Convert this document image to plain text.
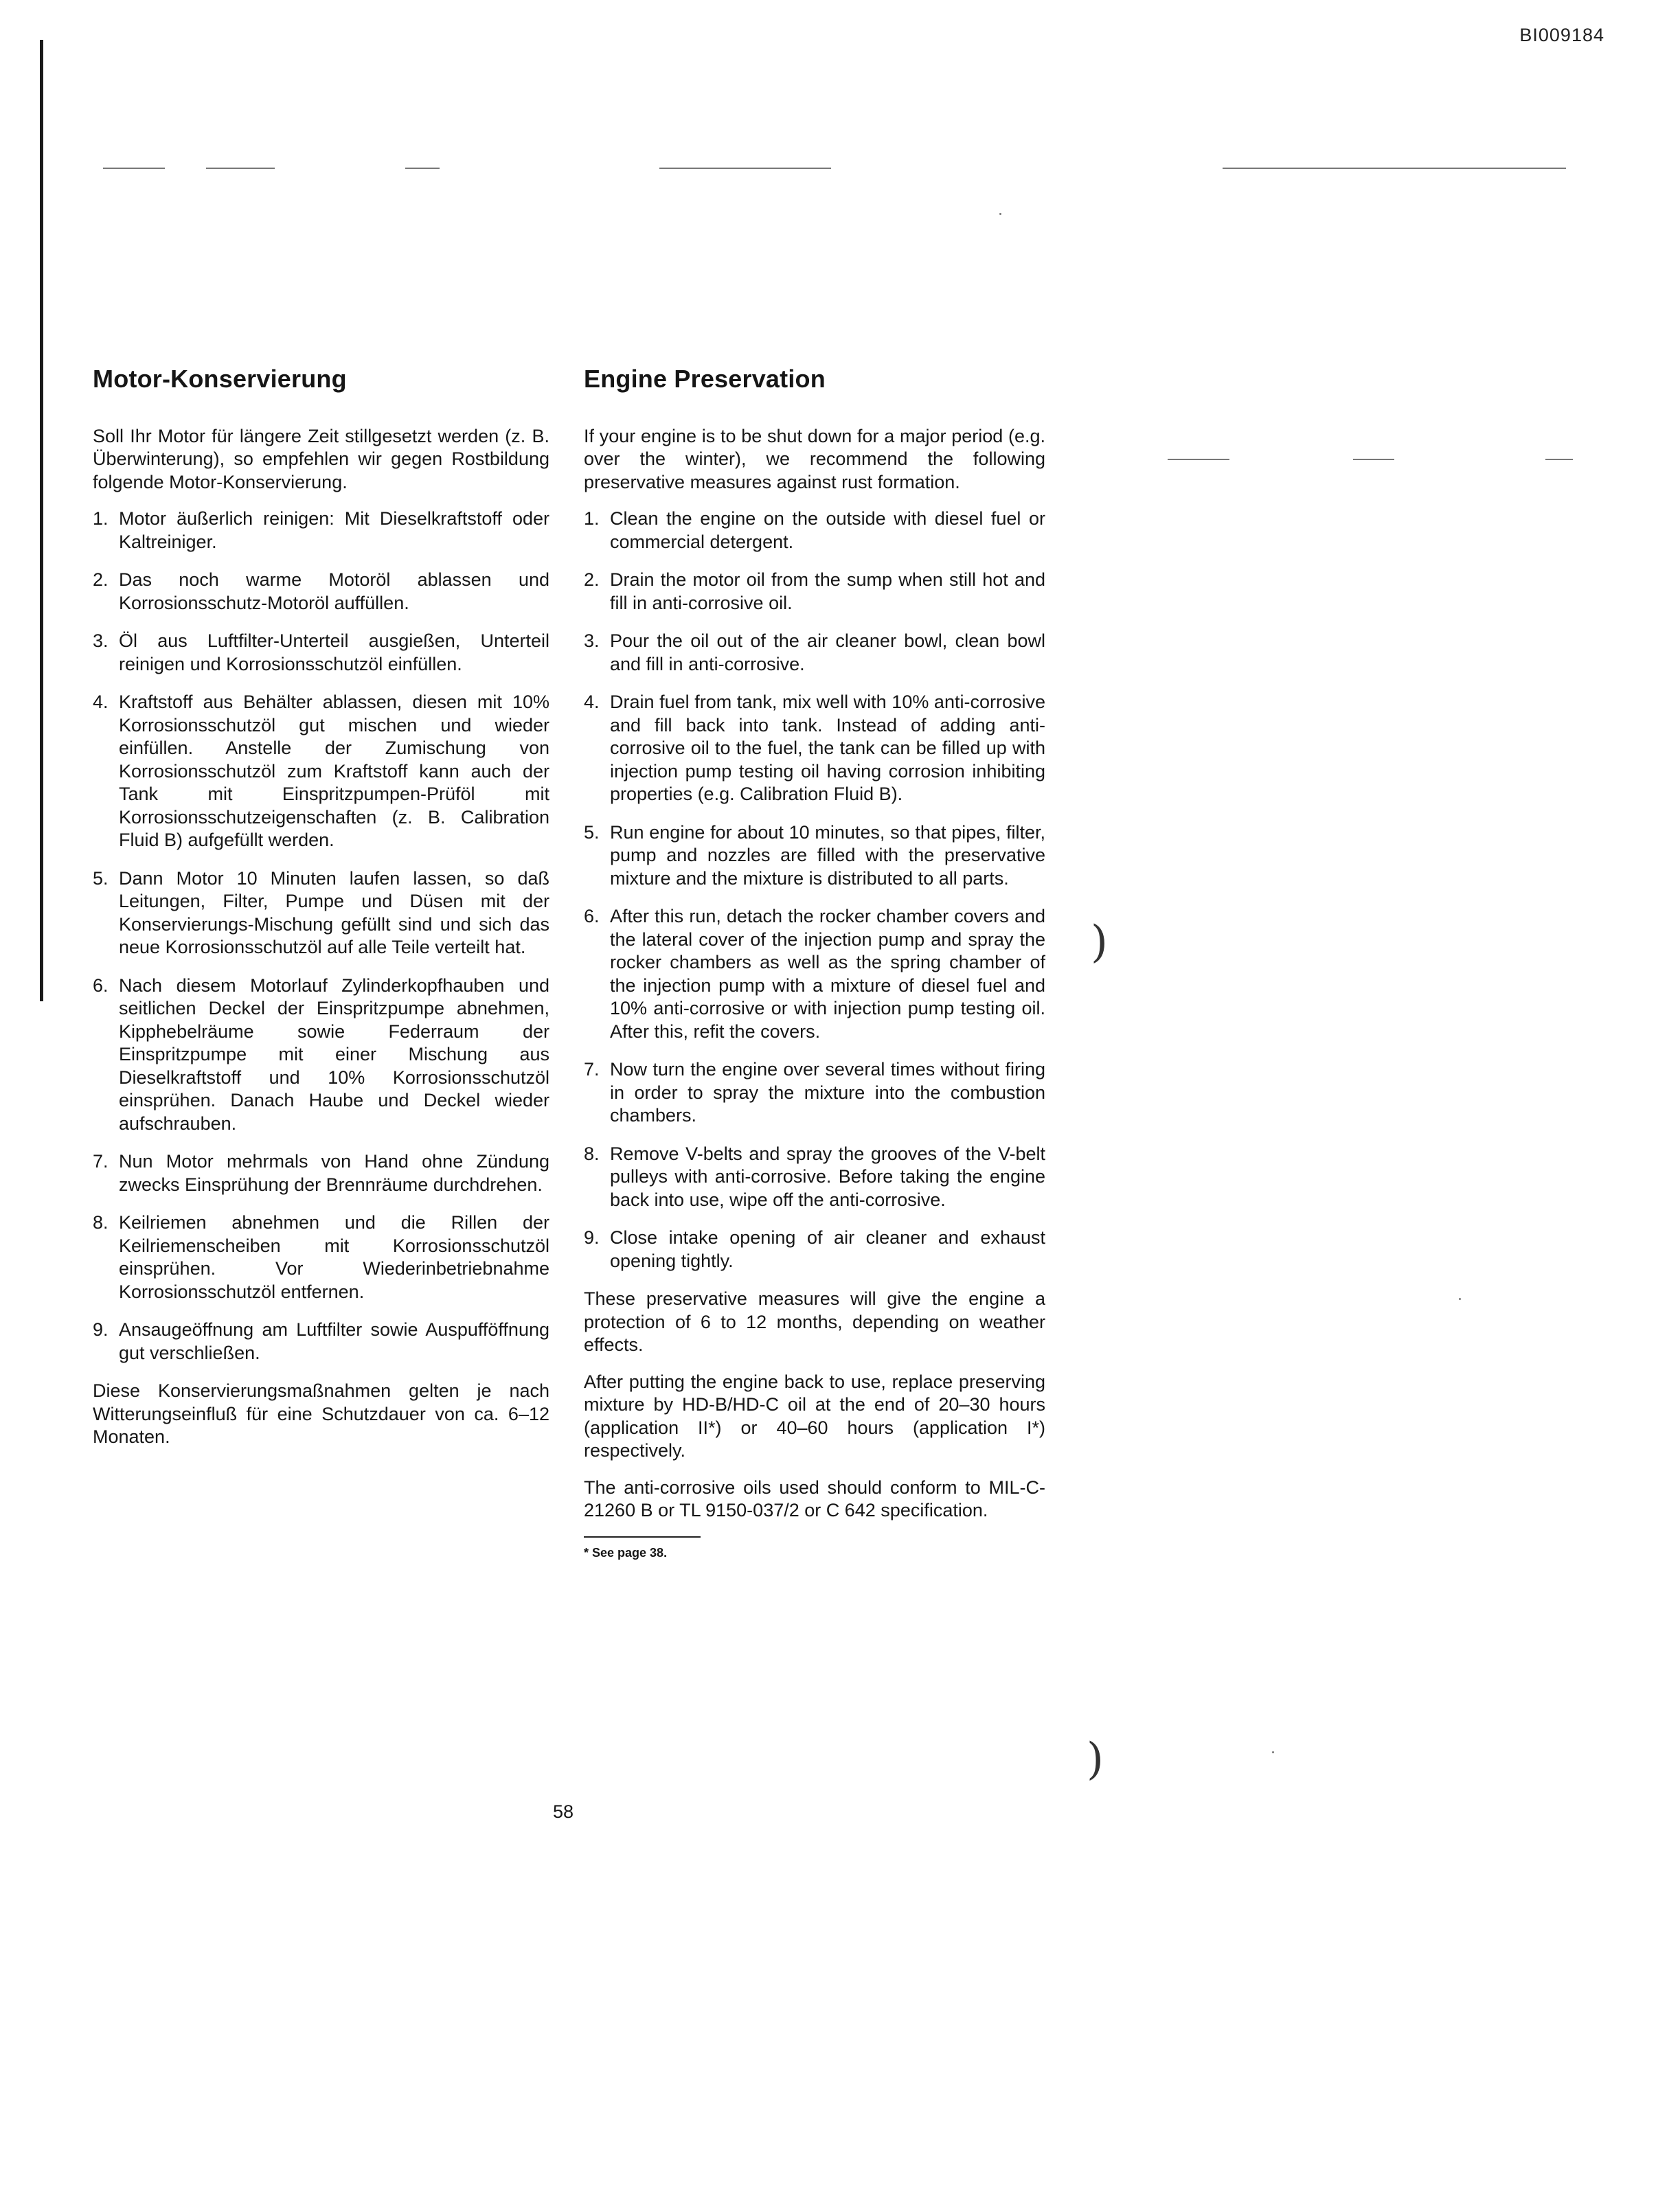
BI009184
)
)
Motor-Konservierung

Soll Ihr Motor für längere Zeit stillgesetzt werden (z. B. Überwinterung), so empfehlen wir gegen Rostbildung folgende Motor-Konservierung.

1. Motor äußerlich reinigen: Mit Dieselkraftstoff oder Kaltreiniger.
2. Das noch warme Motoröl ablassen und Korrosionsschutz-Motoröl auffüllen.
3. Öl aus Luftfilter-Unterteil ausgießen, Unterteil reinigen und Korrosionsschutzöl einfüllen.
4. Kraftstoff aus Behälter ablassen, diesen mit 10% Korrosionsschutzöl gut mischen und wieder einfüllen. Anstelle der Zumischung von Korrosionsschutzöl zum Kraftstoff kann auch der Tank mit Einspritzpumpen-Prüföl mit Korrosionsschutzeigenschaften (z. B. Calibration Fluid B) aufgefüllt werden.
5. Dann Motor 10 Minuten laufen lassen, so daß Leitungen, Filter, Pumpe und Düsen mit der Konservierungs-Mischung gefüllt sind und sich das neue Korrosionsschutzöl auf alle Teile verteilt hat.
6. Nach diesem Motorlauf Zylinderkopfhauben und seitlichen Deckel der Einspritzpumpe abnehmen, Kipphebelräume sowie Federraum der Einspritzpumpe mit einer Mischung aus Dieselkraftstoff und 10% Korrosionsschutzöl einsprühen. Danach Haube und Deckel wieder aufschrauben.
7. Nun Motor mehrmals von Hand ohne Zündung zwecks Einsprühung der Brennräume durchdrehen.
8. Keilriemen abnehmen und die Rillen der Keilriemenscheiben mit Korrosionsschutzöl einsprühen. Vor Wiederinbetriebnahme Korrosionsschutzöl entfernen.
9. Ansaugeöffnung am Luftfilter sowie Auspufföffnung gut verschließen.

Diese Konservierungsmaßnahmen gelten je nach Witterungseinfluß für eine Schutzdauer von ca. 6–12 Monaten.

Engine Preservation

If your engine is to be shut down for a major period (e.g. over the winter), we recommend the following preservative measures against rust formation.

1. Clean the engine on the outside with diesel fuel or commercial detergent.
2. Drain the motor oil from the sump when still hot and fill in anti-corrosive oil.
3. Pour the oil out of the air cleaner bowl, clean bowl and fill in anti-corrosive.
4. Drain fuel from tank, mix well with 10% anti-corrosive and fill back into tank. Instead of adding anti-corrosive oil to the fuel, the tank can be filled up with injection pump testing oil having corrosion inhibiting properties (e.g. Calibration Fluid B).
5. Run engine for about 10 minutes, so that pipes, filter, pump and nozzles are filled with the preservative mixture and the mixture is distributed to all parts.
6. After this run, detach the rocker chamber covers and the lateral cover of the injection pump and spray the rocker chambers as well as the spring chamber of the injection pump with a mixture of diesel fuel and 10% anti-corrosive or with injection pump testing oil. After this, refit the covers.
7. Now turn the engine over several times without firing in order to spray the mixture into the combustion chambers.
8. Remove V-belts and spray the grooves of the V-belt pulleys with anti-corrosive. Before taking the engine back into use, wipe off the anti-corrosive.
9. Close intake opening of air cleaner and exhaust opening tightly.

These preservative measures will give the engine a protection of 6 to 12 months, depending on weather effects.

After putting the engine back to use, replace preserving mixture by HD-B/HD-C oil at the end of 20–30 hours (application II*) or 40–60 hours (application I*) respectively.

The anti-corrosive oils used should conform to MIL-C-21260 B or TL 9150-037/2 or C 642 specification.

* See page 38.

58
